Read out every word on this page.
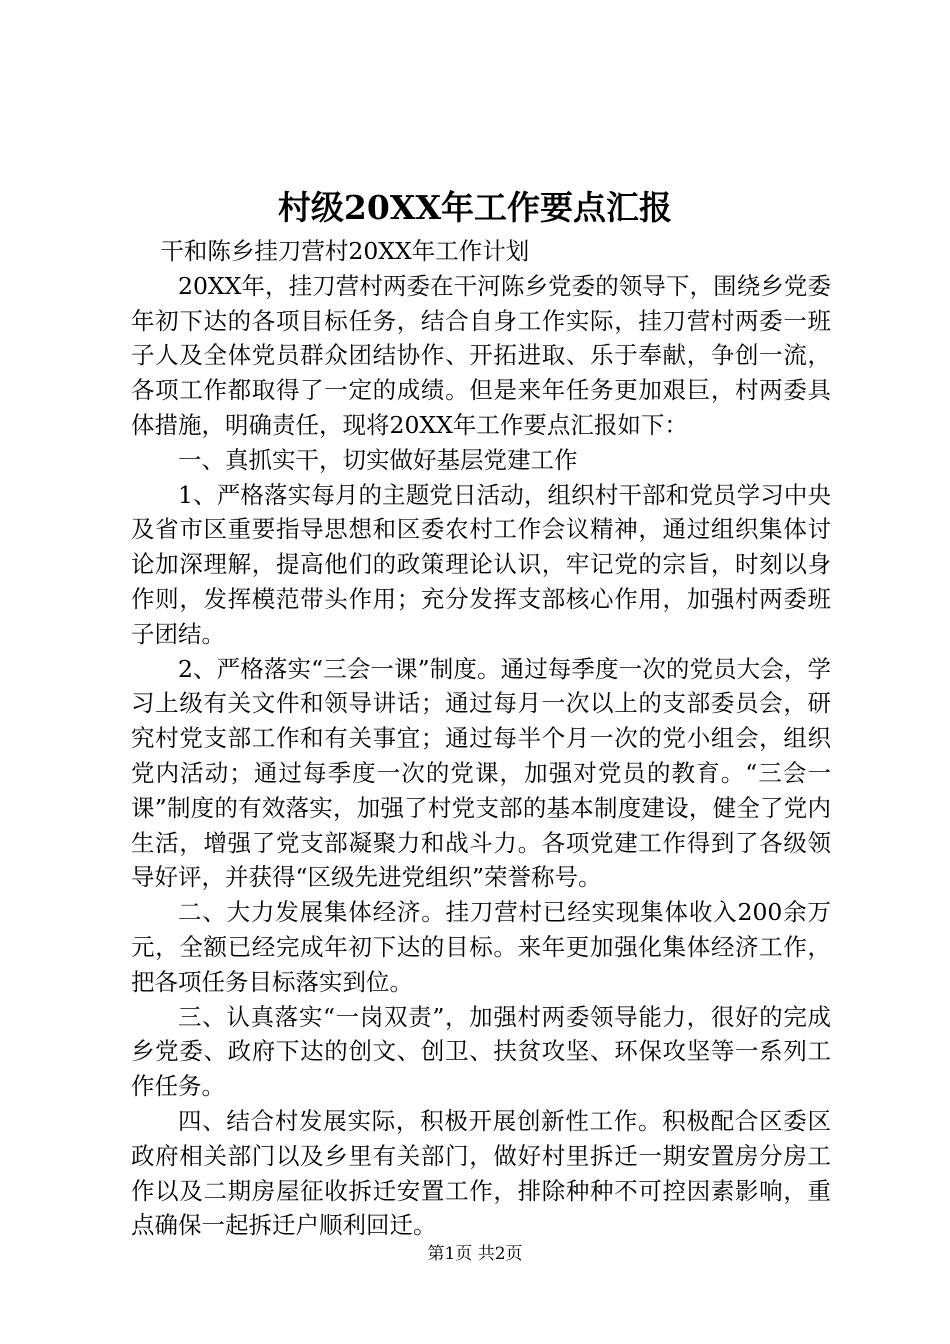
村级20XX年工作要点汇报

干和陈乡挂刀营村20XX年工作计划

20XX年，挂刀营村两委在干河陈乡党委的领导下，围绕乡党委年初下达的各项目标任务，结合自身工作实际，挂刀营村两委一班子人及全体党员群众团结协作、开拓进取、乐于奉献，争创一流，各项工作都取得了一定的成绩。但是来年任务更加艰巨，村两委具体措施，明确责任，现将20XX年工作要点汇报如下：

一、真抓实干，切实做好基层党建工作

1、严格落实每月的主题党日活动，组织村干部和党员学习中央及省市区重要指导思想和区委农村工作会议精神，通过组织集体讨论加深理解，提高他们的政策理论认识，牢记党的宗旨，时刻以身作则，发挥模范带头作用；充分发挥支部核心作用，加强村两委班子团结。

2、严格落实“三会一课”制度。通过每季度一次的党员大会，学习上级有关文件和领导讲话；通过每月一次以上的支部委员会，研究村党支部工作和有关事宜；通过每半个月一次的党小组会，组织党内活动；通过每季度一次的党课，加强对党员的教育。“三会一课”制度的有效落实，加强了村党支部的基本制度建设，健全了党内生活，增强了党支部凝聚力和战斗力。各项党建工作得到了各级领导好评，并获得“区级先进党组织”荣誉称号。

二、大力发展集体经济。挂刀营村已经实现集体收入200余万元，全额已经完成年初下达的目标。来年更加强化集体经济工作，把各项任务目标落实到位。

三、认真落实“一岗双责”，加强村两委领导能力，很好的完成乡党委、政府下达的创文、创卫、扶贫攻坚、环保攻坚等一系列工作任务。

四、结合村发展实际，积极开展创新性工作。积极配合区委区政府相关部门以及乡里有关部门，做好村里拆迁一期安置房分房工作以及二期房屋征收拆迁安置工作，排除种种不可控因素影响，重点确保一起拆迁户顺利回迁。

第1页 共2页
